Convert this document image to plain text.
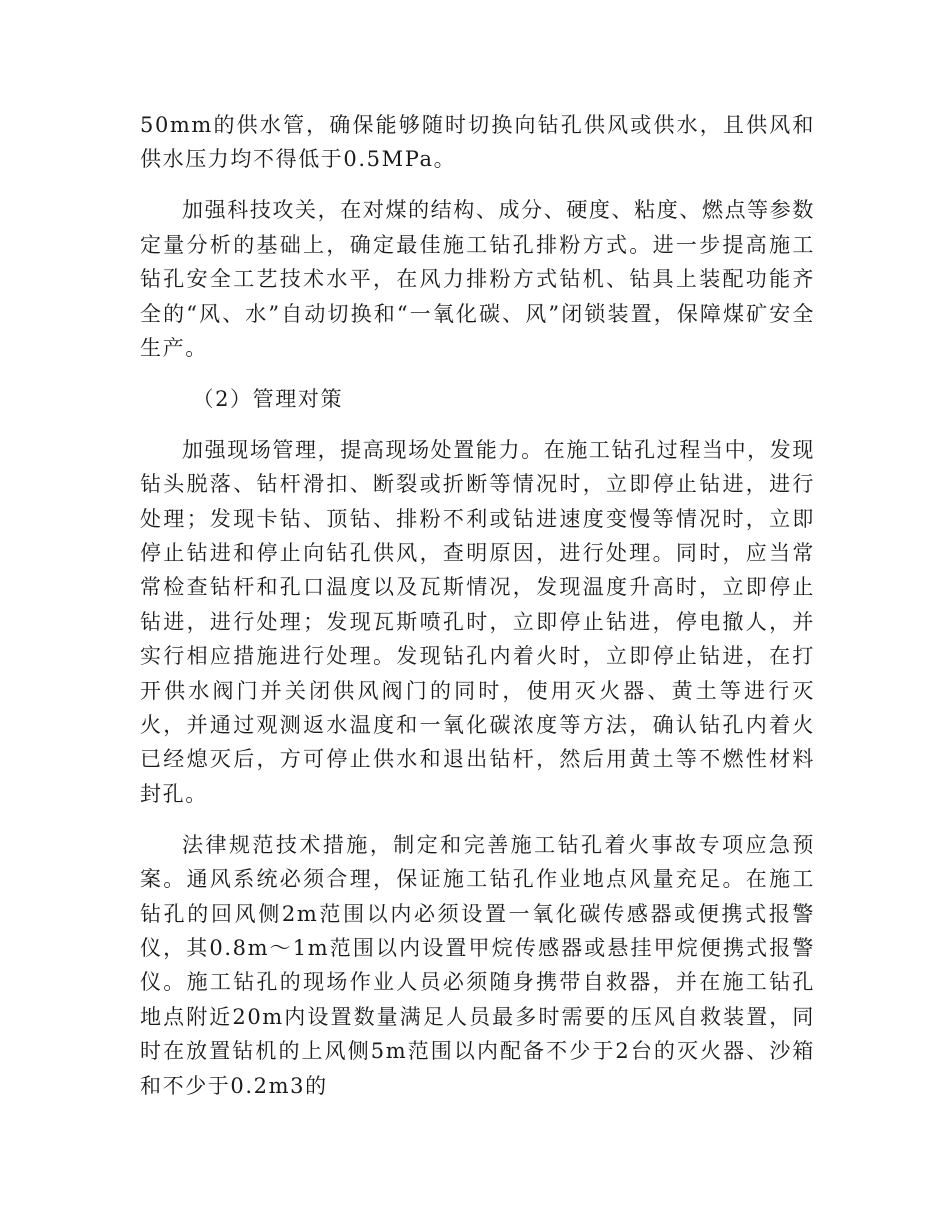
50mm的供水管，确保能够随时切换向钻孔供风或供水，且供风和供水压力均不得低于0.5MPa。

加强科技攻关，在对煤的结构、成分、硬度、粘度、燃点等参数定量分析的基础上，确定最佳施工钻孔排粉方式。进一步提高施工钻孔安全工艺技术水平，在风力排粉方式钻机、钻具上装配功能齐全的“风、水”自动切换和“一氧化碳、风”闭锁装置，保障煤矿安全生产。

（2）管理对策

加强现场管理，提高现场处置能力。在施工钻孔过程当中，发现钻头脱落、钻杆滑扣、断裂或折断等情况时，立即停止钻进，进行处理；发现卡钻、顶钻、排粉不利或钻进速度变慢等情况时，立即停止钻进和停止向钻孔供风，查明原因，进行处理。同时，应当常常检查钻杆和孔口温度以及瓦斯情况，发现温度升高时，立即停止钻进，进行处理；发现瓦斯喷孔时，立即停止钻进，停电撤人，并实行相应措施进行处理。发现钻孔内着火时，立即停止钻进，在打开供水阀门并关闭供风阀门的同时，使用灭火器、黄土等进行灭火，并通过观测返水温度和一氧化碳浓度等方法，确认钻孔内着火已经熄灭后，方可停止供水和退出钻杆，然后用黄土等不燃性材料封孔。

法律规范技术措施，制定和完善施工钻孔着火事故专项应急预案。通风系统必须合理，保证施工钻孔作业地点风量充足。在施工钻孔的回风侧2m范围以内必须设置一氧化碳传感器或便携式报警仪，其0.8m～1m范围以内设置甲烷传感器或悬挂甲烷便携式报警仪。施工钻孔的现场作业人员必须随身携带自救器，并在施工钻孔地点附近20m内设置数量满足人员最多时需要的压风自救装置，同时在放置钻机的上风侧5m范围以内配备不少于2台的灭火器、沙箱和不少于0.2m3的
